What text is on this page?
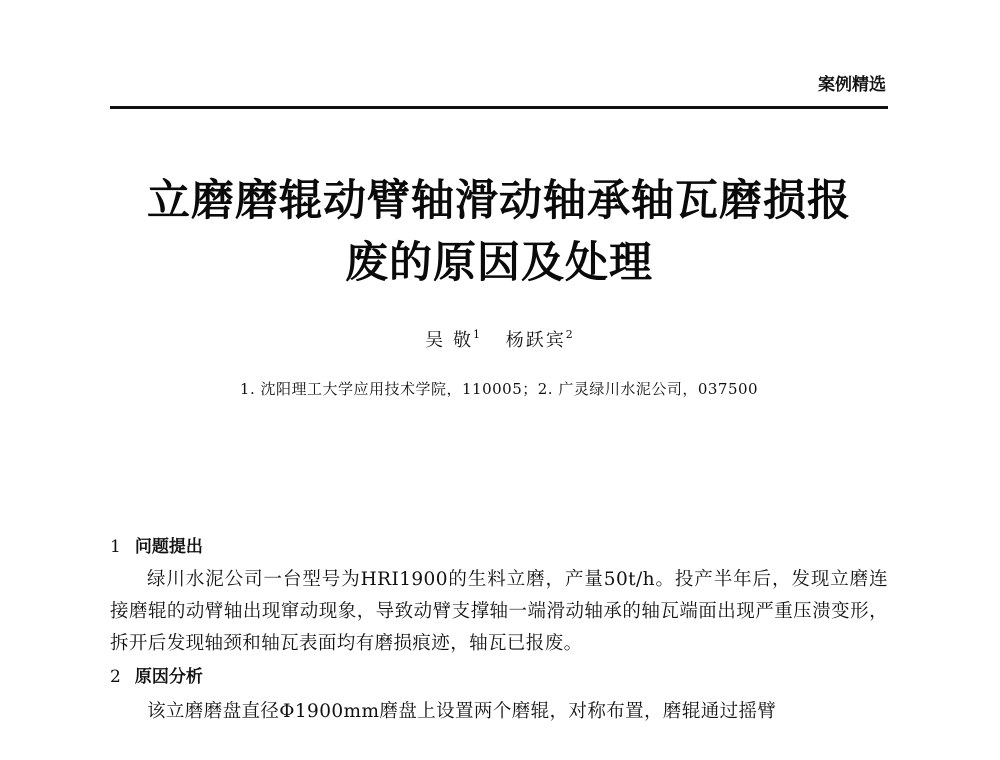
案例精选
立磨磨辊动臂轴滑动轴承轴瓦磨损报
废的原因及处理
吴 敬$^1$ 杨跃宾$^2$
1. 沈阳理工大学应用技术学院，110005；2. 广灵绿川水泥公司，037500
1 问题提出
绿川水泥公司一台型号为HRI1900的生料立磨，产量50t/h。投产半年后，发现立磨连接磨辊的动臂轴出现窜动现象，导致动臂支撑轴一端滑动轴承的轴瓦端面出现严重压溃变形，拆开后发现轴颈和轴瓦表面均有磨损痕迹，轴瓦已报废。
2 原因分析
该立磨磨盘直径Φ1900mm磨盘上设置两个磨辊，对称布置，磨辊通过摇臂
